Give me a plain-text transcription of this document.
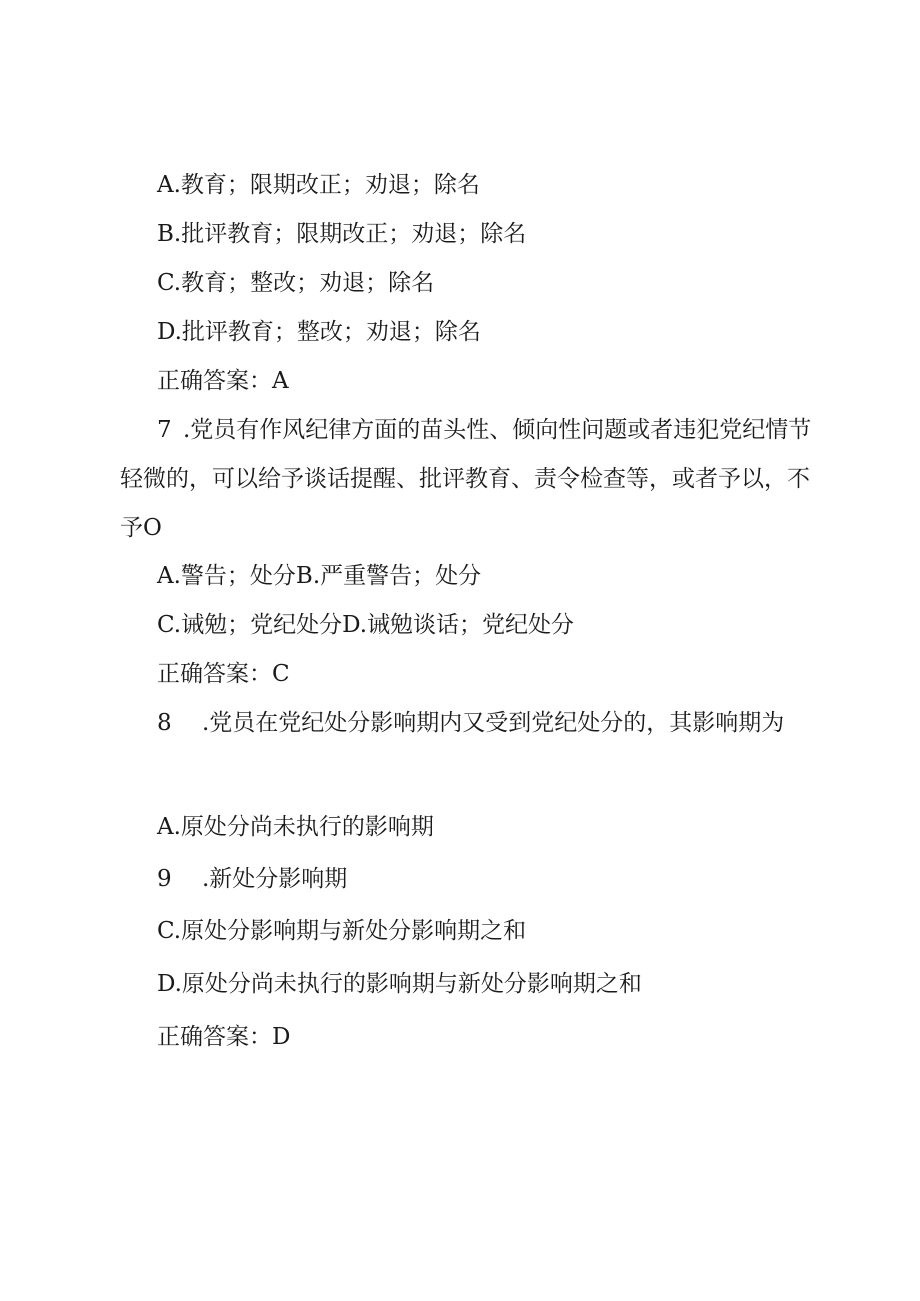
A.教育；限期改正；劝退；除名
B.批评教育；限期改正；劝退；除名
C.教育；整改；劝退；除名
D.批评教育；整改；劝退；除名
正确答案：A
7 .党员有作风纪律方面的苗头性、倾向性问题或者违犯党纪情节
轻微的，可以给予谈话提醒、批评教育、责令检查等，或者予以，不
予O
A.警告；处分B.严重警告；处分
C.诫勉；党纪处分D.诫勉谈话；党纪处分
正确答案：C
8 .党员在党纪处分影响期内又受到党纪处分的，其影响期为
A.原处分尚未执行的影响期
9 .新处分影响期
C.原处分影响期与新处分影响期之和
D.原处分尚未执行的影响期与新处分影响期之和
正确答案：D
